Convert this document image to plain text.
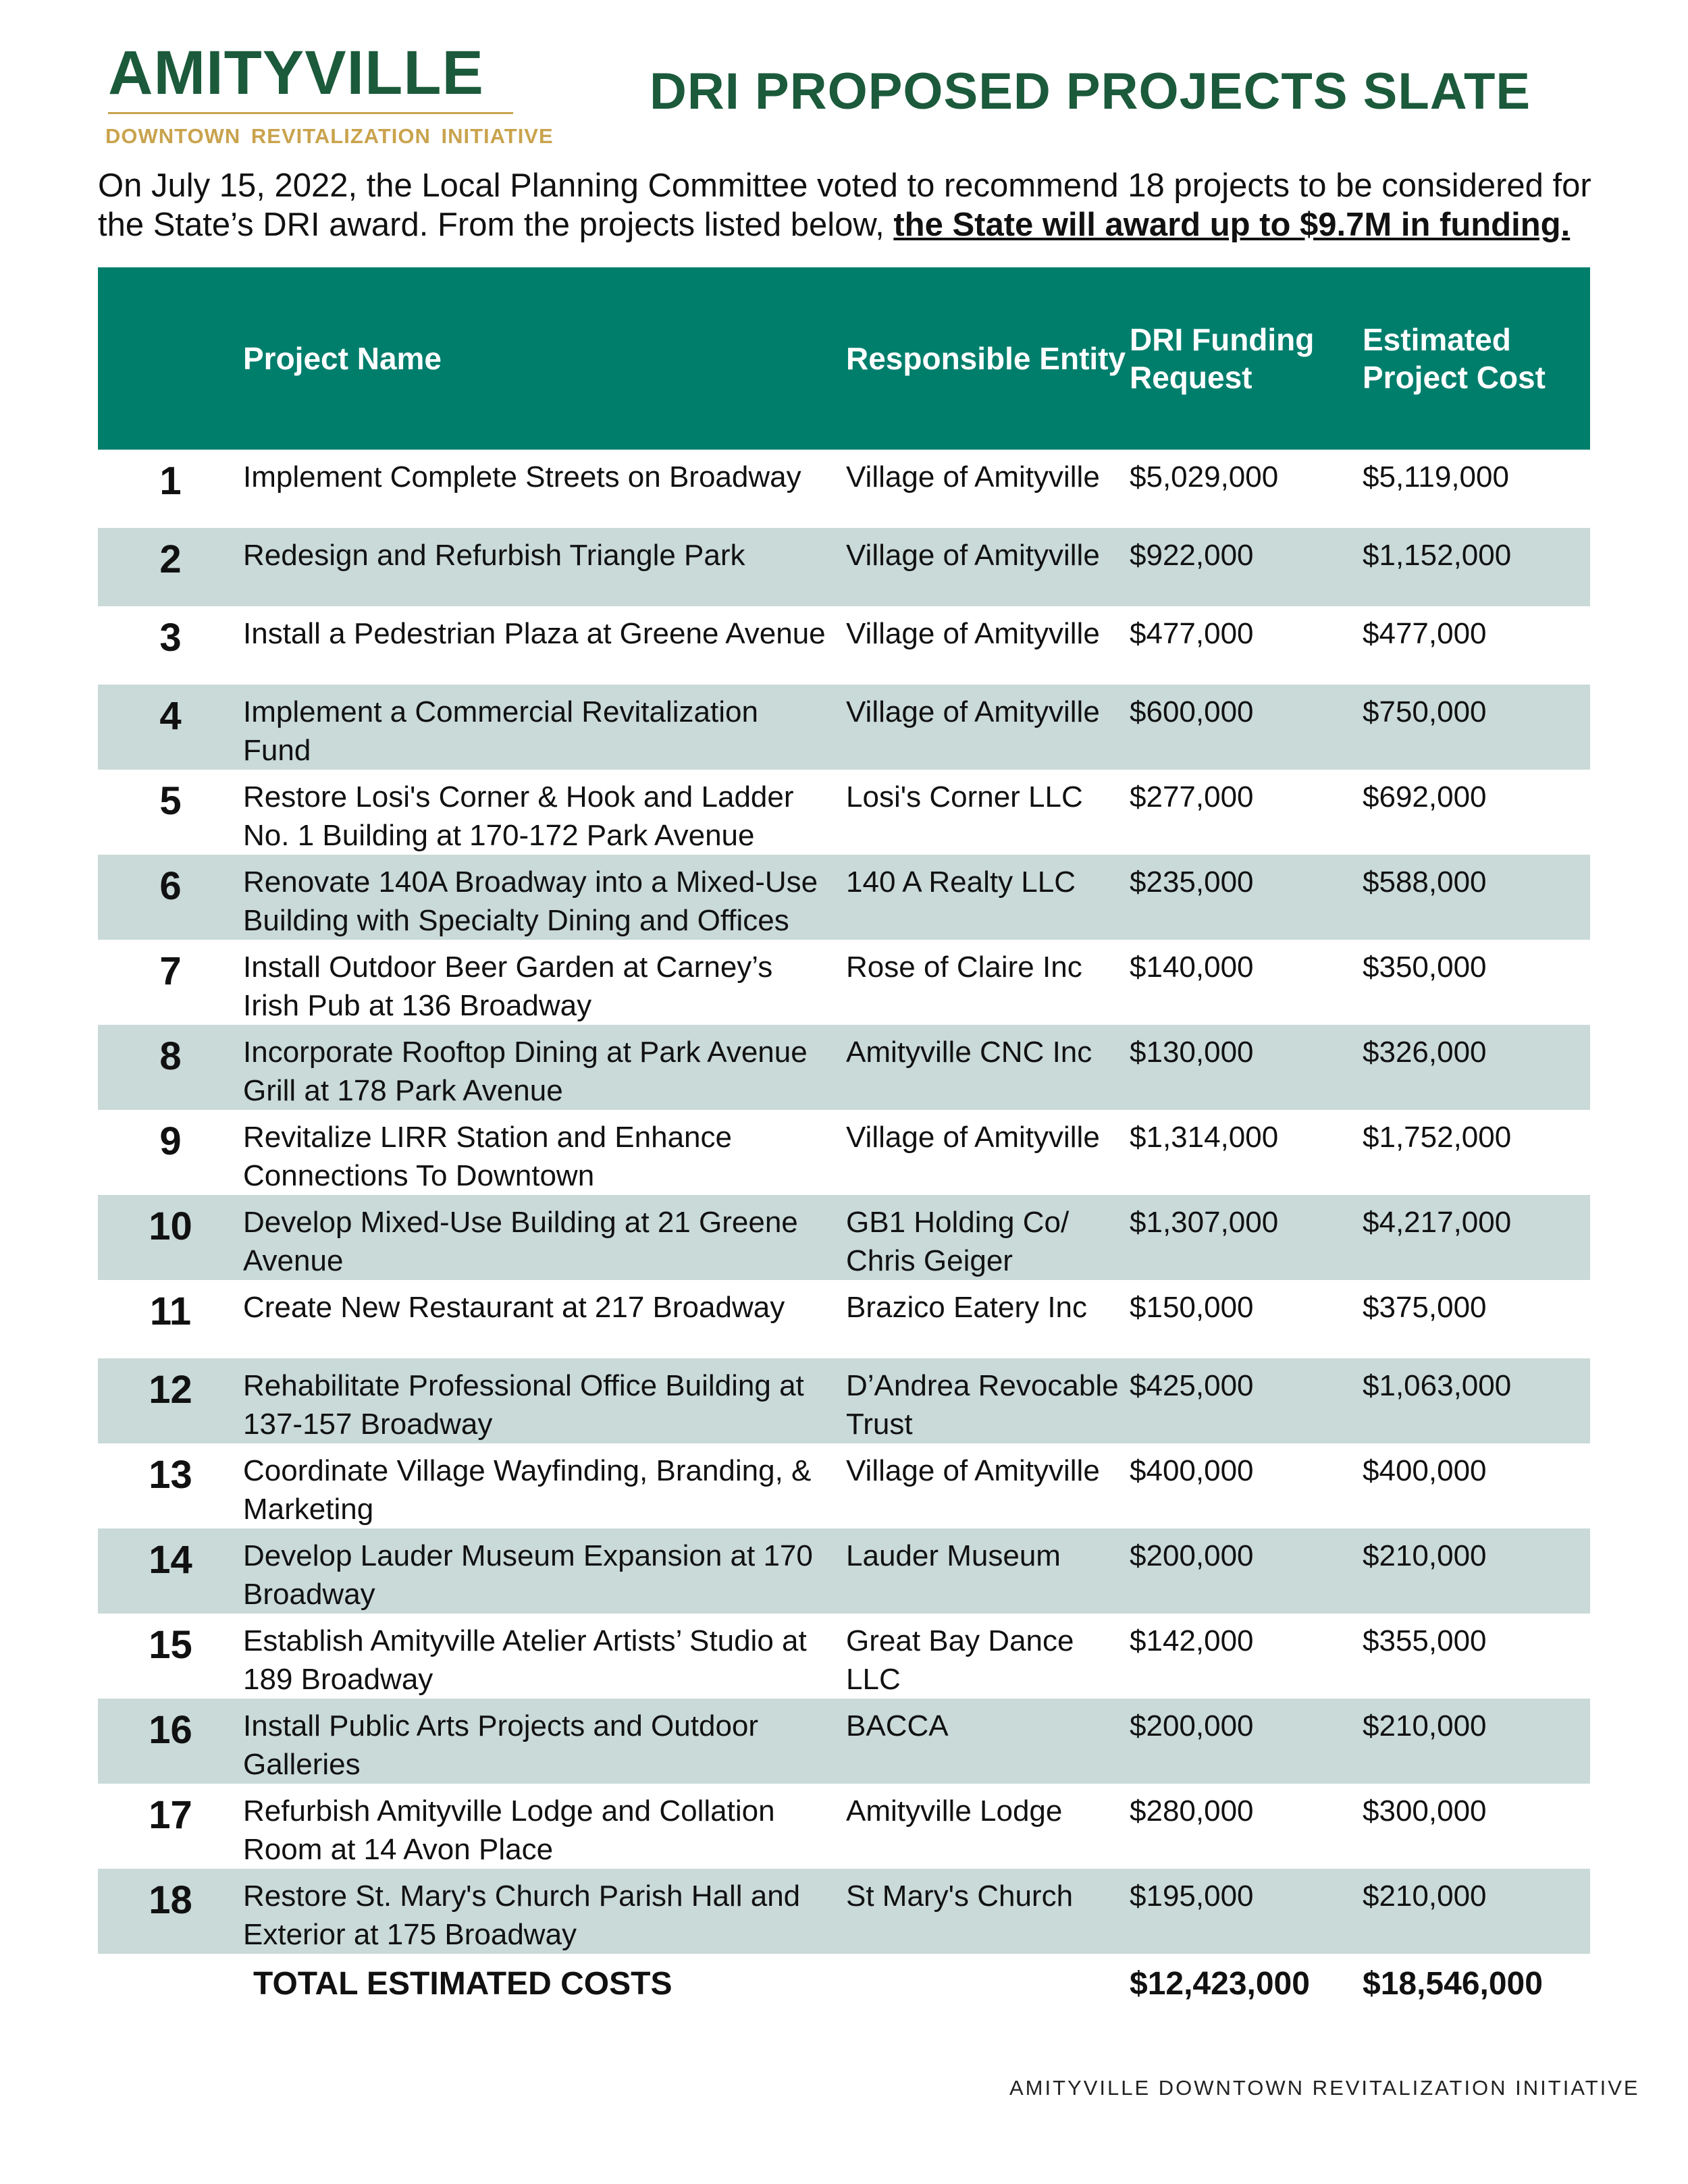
AMITYVILLE
DOWNTOWN REVITALIZATION INITIATIVE
DRI PROPOSED PROJECTS SLATE
On July 15, 2022, the Local Planning Committee voted to recommend 18 projects to be considered for the State’s DRI award. From the projects listed below, the State will award up to $9.7M in funding.
	Project Name	Responsible Entity	DRI Funding Request	Estimated Project Cost
1	Implement Complete Streets on Broadway	Village of Amityville	$5,029,000	$5,119,000
2	Redesign and Refurbish Triangle Park	Village of Amityville	$922,000	$1,152,000
3	Install a Pedestrian Plaza at Greene Avenue	Village of Amityville	$477,000	$477,000
4	Implement a Commercial Revitalization Fund	Village of Amityville	$600,000	$750,000
5	Restore Losi's Corner & Hook and Ladder No. 1 Building at 170-172 Park Avenue	Losi's Corner LLC	$277,000	$692,000
6	Renovate 140A Broadway into a Mixed-Use Building with Specialty Dining and Offices	140 A Realty LLC	$235,000	$588,000
7	Install Outdoor Beer Garden at Carney’s Irish Pub at 136 Broadway	Rose of Claire Inc	$140,000	$350,000
8	Incorporate Rooftop Dining at Park Avenue Grill at 178 Park Avenue	Amityville CNC Inc	$130,000	$326,000
9	Revitalize LIRR Station and Enhance Connections To Downtown	Village of Amityville	$1,314,000	$1,752,000
10	Develop Mixed-Use Building at 21 Greene Avenue	GB1 Holding Co/ Chris Geiger	$1,307,000	$4,217,000
11	Create New Restaurant at 217 Broadway	Brazico Eatery Inc	$150,000	$375,000
12	Rehabilitate Professional Office Building at 137-157 Broadway	D’Andrea Revocable Trust	$425,000	$1,063,000
13	Coordinate Village Wayfinding, Branding, & Marketing	Village of Amityville	$400,000	$400,000
14	Develop Lauder Museum Expansion at 170 Broadway	Lauder Museum	$200,000	$210,000
15	Establish Amityville Atelier Artists’ Studio at 189 Broadway	Great Bay Dance LLC	$142,000	$355,000
16	Install Public Arts Projects and Outdoor Galleries	BACCA	$200,000	$210,000
17	Refurbish Amityville Lodge and Collation Room at 14 Avon Place	Amityville Lodge	$280,000	$300,000
18	Restore St. Mary's Church Parish Hall and Exterior at 175 Broadway	St Mary's Church	$195,000	$210,000
TOTAL ESTIMATED COSTS			$12,423,000	$18,546,000
AMITYVILLE DOWNTOWN REVITALIZATION INITIATIVE
